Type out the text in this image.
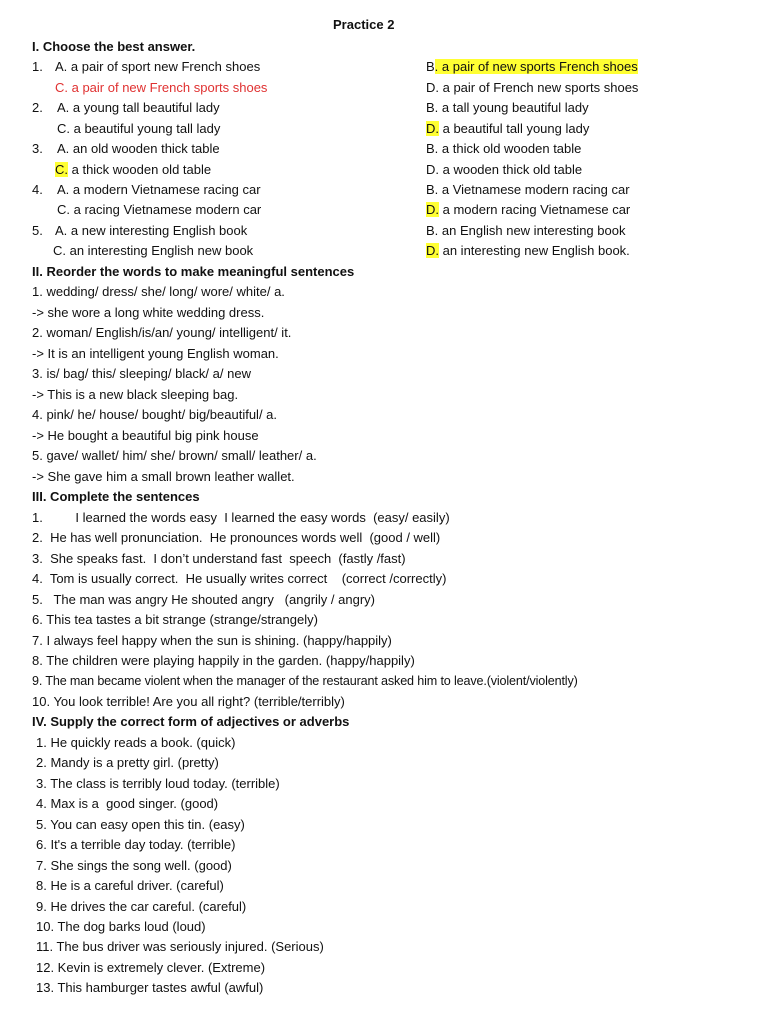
Practice 2
I. Choose the best answer.
1. A. a pair of sport new French shoes	B. a pair of new sports French shoes
C. a pair of new French sports shoes	D. a pair of French new sports shoes
2. A. a young tall beautiful lady	B. a tall young beautiful lady
C. a beautiful young tall lady	D. a beautiful tall young lady
3. A. an old wooden thick table	B. a thick old wooden table
C. a thick wooden old table	D. a wooden thick old table
4. A. a modern Vietnamese racing car	B. a Vietnamese modern racing car
C. a racing Vietnamese modern car	D. a modern racing Vietnamese car
5. A. a new interesting English book	B. an English new interesting book
C. an interesting English new book	D. an interesting new English book.
II. Reorder the words to make meaningful sentences
1. wedding/ dress/ she/ long/ wore/ white/ a.
-> she wore a long white wedding dress.
2. woman/ English/is/an/ young/ intelligent/ it.
-> It is an intelligent young English woman.
3. is/ bag/ this/ sleeping/ black/ a/ new
-> This is a new black sleeping bag.
4. pink/ he/ house/ bought/ big/beautiful/ a.
-> He bought a beautiful big pink house
5. gave/ wallet/ him/ she/ brown/ small/ leather/ a.
-> She gave him a small brown leather wallet.
III. Complete the sentences
1.         I learned the words easy  I learned the easy words  (easy/ easily)
2.  He has well pronunciation.  He pronounces words well  (good / well)
3.  She speaks fast.  I don’t understand fast  speech  (fastly /fast)
4.  Tom is usually correct.  He usually writes correct    (correct /correctly)
5.   The man was angry He shouted angry   (angrily / angry)
6. This tea tastes a bit strange (strange/strangely)
7. I always feel happy when the sun is shining. (happy/happily)
8. The children were playing happily in the garden. (happy/happily)
9. The man became violent when the manager of the restaurant asked him to leave.(violent/violently)
10. You look terrible! Are you all right? (terrible/terribly)
IV. Supply the correct form of adjectives or adverbs
1. He quickly reads a book. (quick)
2. Mandy is a pretty girl. (pretty)
3. The class is terribly loud today. (terrible)
4. Max is a  good singer. (good)
5. You can easy open this tin. (easy)
6. It's a terrible day today. (terrible)
7. She sings the song well. (good)
8. He is a careful driver. (careful)
9. He drives the car careful. (careful)
10. The dog barks loud (loud)
11. The bus driver was seriously injured. (Serious)
12. Kevin is extremely clever. (Extreme)
13. This hamburger tastes awful (awful)
